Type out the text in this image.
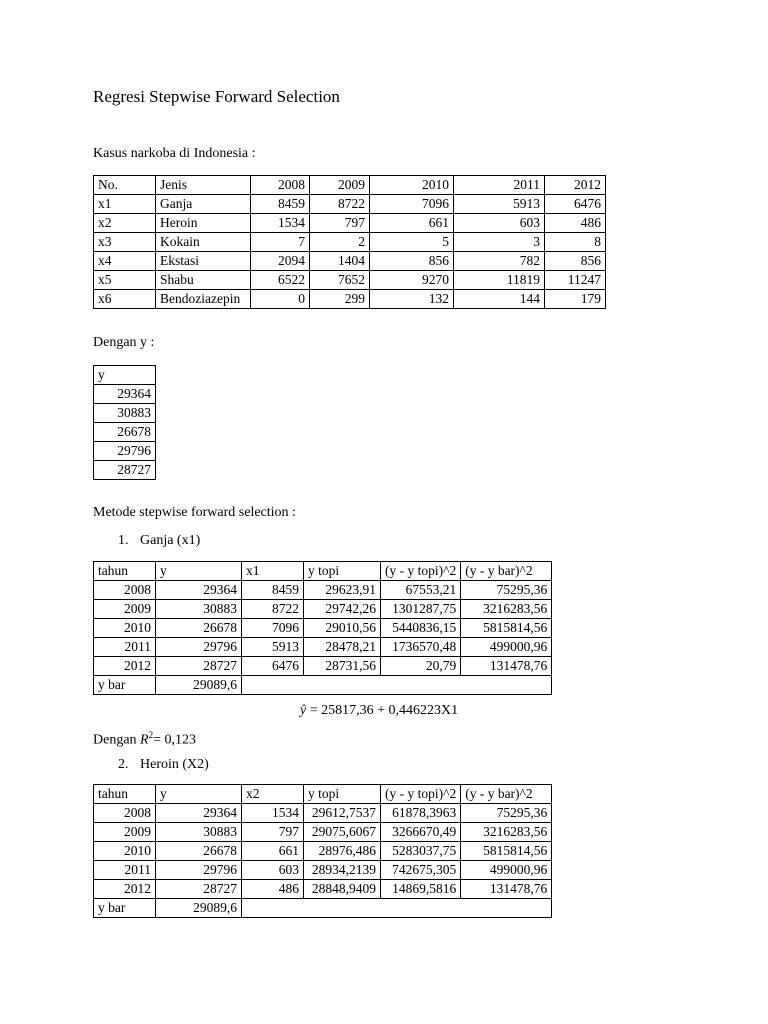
Regresi Stepwise Forward Selection
Kasus narkoba di Indonesia :
No.	Jenis	2008	2009	2010	2011	2012
x1	Ganja	8459	8722	7096	5913	6476
x2	Heroin	1534	797	661	603	486
x3	Kokain	7	2	5	3	8
x4	Ekstasi	2094	1404	856	782	856
x5	Shabu	6522	7652	9270	11819	11247
x6	Bendoziazepin	0	299	132	144	179
Dengan y :
y
29364
30883
26678
29796
28727
Metode stepwise forward selection :
1. Ganja (x1)
tahun	y	x1	y topi	(y - y topi)^2	(y - y bar)^2
2008	29364	8459	29623,91	67553,21	75295,36
2009	30883	8722	29742,26	1301287,75	3216283,56
2010	26678	7096	29010,56	5440836,15	5815814,56
2011	29796	5913	28478,21	1736570,48	499000,96
2012	28727	6476	28731,56	20,79	131478,76
y bar	29089,6				
ŷ = 25817,36 + 0,446223X1
Dengan $R^2= 0,123$
2. Heroin (X2)
tahun	y	x2	y topi	(y - y topi)^2	(y - y bar)^2
2008	29364	1534	29612,7537	61878,3963	75295,36
2009	30883	797	29075,6067	3266670,49	3216283,56
2010	26678	661	28976,486	5283037,75	5815814,56
2011	29796	603	28934,2139	742675,305	499000,96
2012	28727	486	28848,9409	14869,5816	131478,76
y bar	29089,6				
